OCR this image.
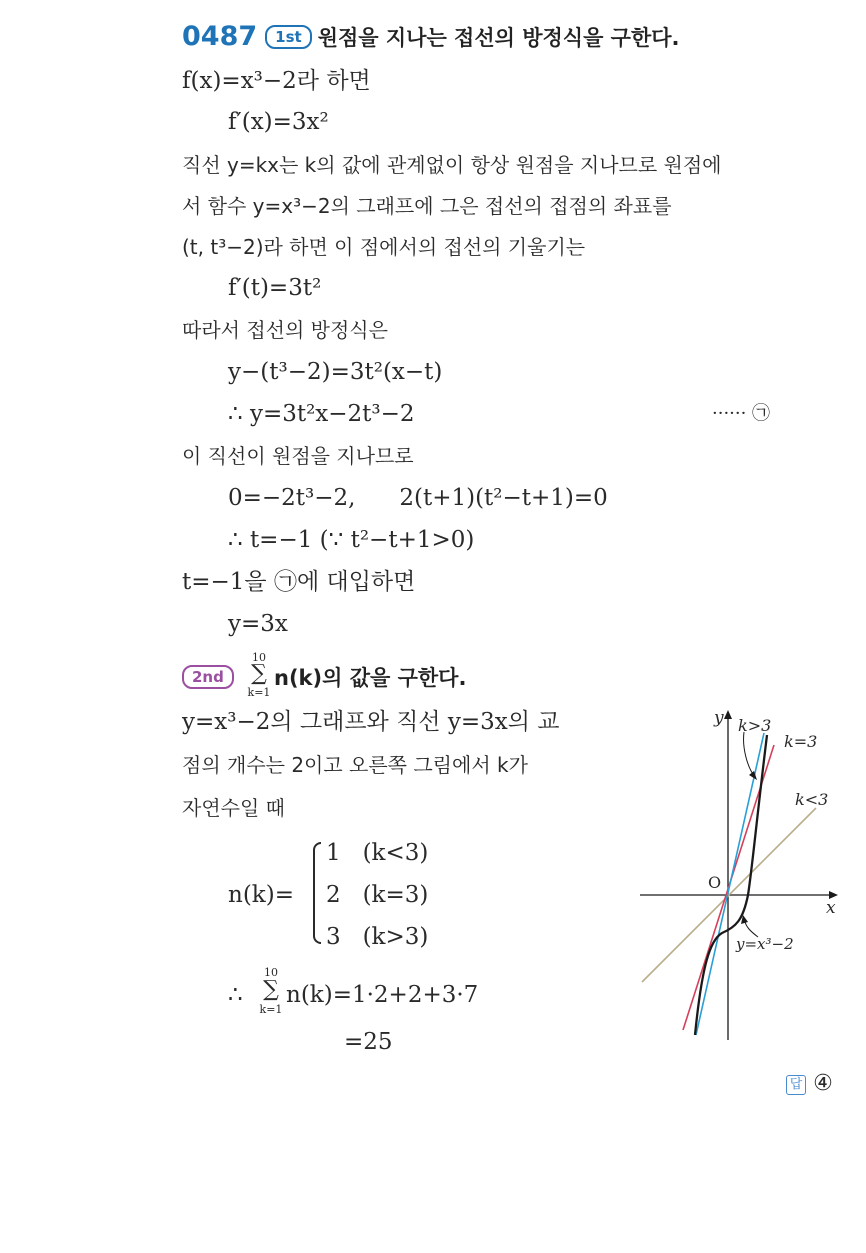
0487 1st 원점을 지나는 접선의 방정식을 구한다.
f(x)=x³−2라 하면
f′(x)=3x²
직선 y=kx는 k의 값에 관계없이 항상 원점을 지나므로 원점에
서 함수 y=x³−2의 그래프에 그은 접선의 접점의 좌표를
(t, t³−2)라 하면 이 점에서의 접선의 기울기는
f′(t)=3t²
따라서 접선의 방정식은
y−(t³−2)=3t²(x−t)
∴ y=3t²x−2t³−2	······ ㉠
이 직선이 원점을 지나므로
0=−2t³−2,      2(t+1)(t²−t+1)=0
∴ t=−1 (∵ t²−t+1>0)
t=−1을 ㉠에 대입하면
y=3x
2nd
10
∑
k=1
n(k)의 값을 구한다.
y=x³−2의 그래프와 직선 y=3x의 교
점의 개수는 2이고 오른쪽 그림에서 k가
자연수일 때
n(k)=
1   (k<3)
2   (k=3)
3   (k>3)
∴
10
∑
k=1
n(k)=1·2+2+3·7
=25
y
x
O
k>3
k=3
k<3
y=x³−2
답 ④
